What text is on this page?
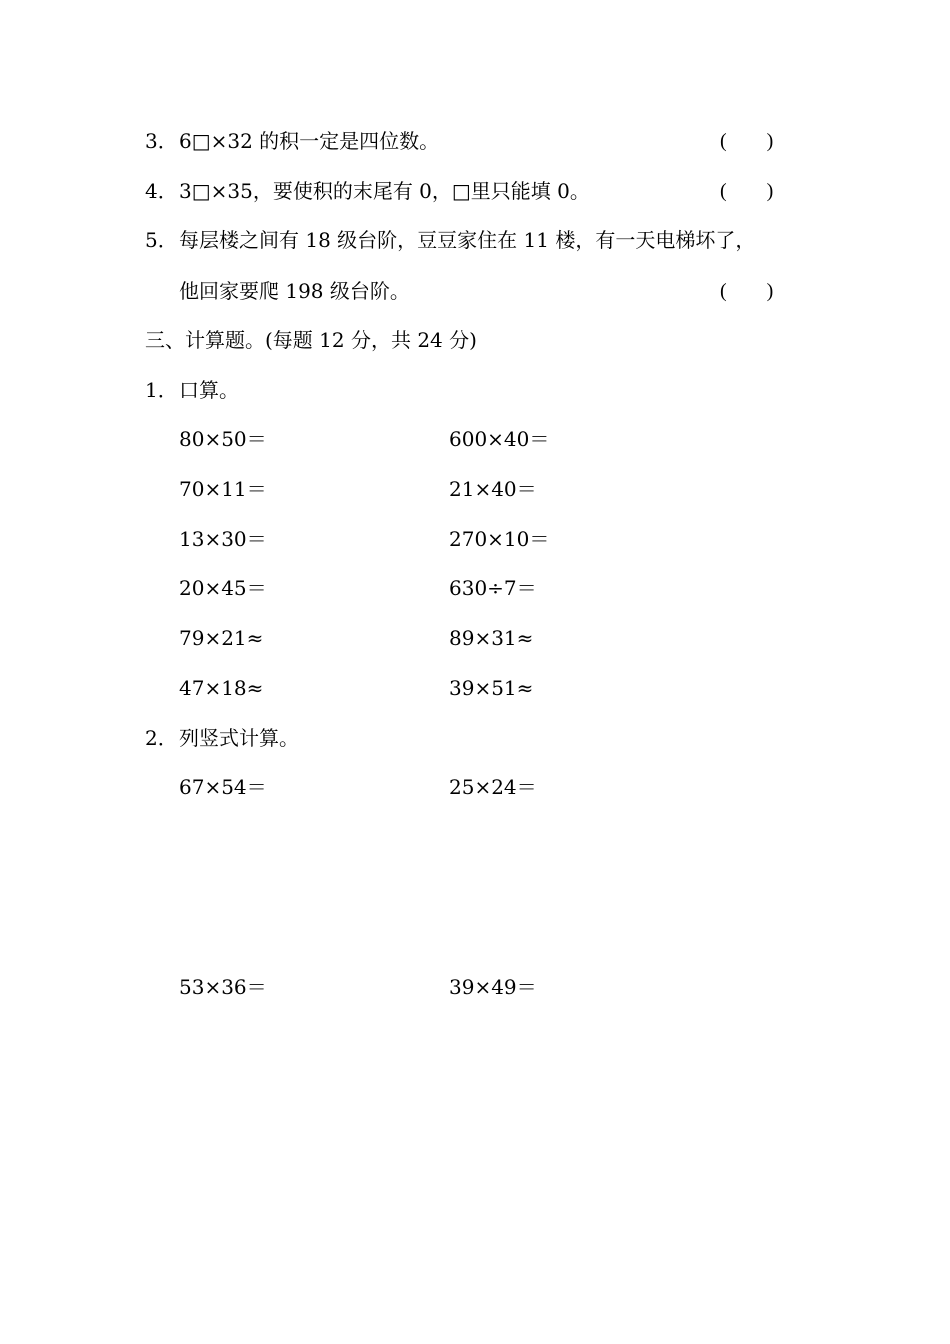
3． 6□×32 的积一定是四位数。	(　　)
4． 3□×35，要使积的末尾有 0，□里只能填 0。	(　　)
5． 每层楼之间有 18 级台阶，豆豆家住在 11 楼，有一天电梯坏了，
他回家要爬 198 级台阶。	(　　)
三、计算题。(每题 12 分，共 24 分)
1． 口算。
80×50＝	600×40＝
70×11＝	21×40＝
13×30＝	270×10＝
20×45＝	630÷7＝
79×21≈	89×31≈
47×18≈	39×51≈
2． 列竖式计算。
67×54＝	25×24＝
53×36＝	39×49＝
